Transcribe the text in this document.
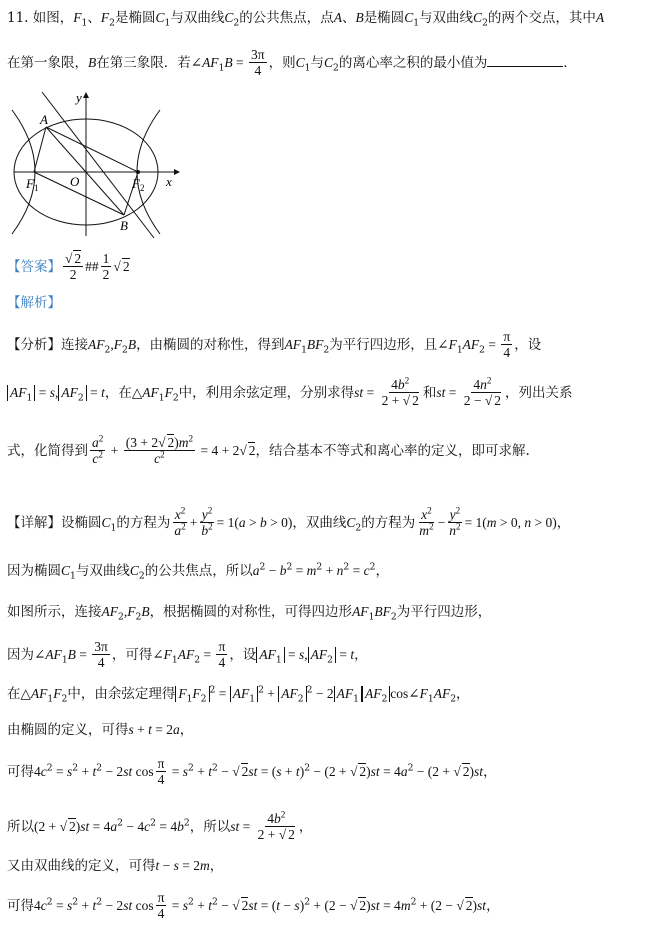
11. 如图，$F_1$、$F_2$是椭圆$C_1$与双曲线$C_2$的公共焦点，点A、B是椭圆$C_1$与双曲线$C_2$的两个交点，其中A
在第一象限，B在第三象限．若$\angle AF_1B = \frac{3\pi}{4}$ ，则$C_1$与$C_2$的离心率之积的最小值为	．
y
x
A
B
O
$F_1$	$F_2$
【答案】 $\frac{√ 2}{2}$ ## $\frac{1}{2}$ √ 2
【解析】
【分析】连接$AF_2,F_2B$，由椭圆的对称性，得到$AF_1BF_2$为平行四边形，且$\angle F_1AF_2 = \frac{\pi}{4}$ ，设
$AF_1 = s$, $AF_2 = t$，在$\triangle AF_1F_2$中，利用余弦定理，分别求得st = $\frac{4b^2}{2 + √ 2}$ 和st = $\frac{4n^2}{2 - √ 2}$ ，列出关系
式，化简得到 $\frac{a^2}{c^2} + \frac{(3 + 2√ 2)m^2}{c^2} = 4 + 2√$ 2，结合基本不等式和离心率的定义，即可求解.
【详解】设椭圆$C_1$的方程为 $\frac{x^2}{a^2} + \frac{y^2}{b^2} = 1(a > b > 0)$，双曲线$C_2$的方程为 $\frac{x^2}{m^2} - \frac{y^2}{n^2} = 1(m > 0$, n > 0)，
因为椭圆$C_1$与双曲线$C_2$的公共焦点，所以$a^2 - b^2 = m^2 + n^2 = c^2$，
如图所示，连接$AF_2,F_2B$，根据椭圆的对称性，可得四边形$AF_1BF_2$为平行四边形，
因为$\angle AF_1B = \frac{3\pi}{4}$ ，可得$\angle F_1AF_2 = \frac{\pi}{4}$ ，设 $AF_1 = s$, $AF_2 = t$，
在$\triangle AF_1F_2$中，由余弦定理得 $F_1F_2^2 = AF_1^2 + AF_2^2 - 2$ $AF_1$ $AF_2$ $\cos\angle F_1AF_2$，
由椭圆的定义，可得s + t = 2a，
可得$4c^2 = s^2 + t^2 - 2st$ $\cos \frac{\pi}{4} = s^2 + t^2$ − √ $2st = (s + t)^2 - (2$ + √ $2)st = 4a^2 - (2$ + √ 2)st，
所以(2 + √ $2)st = 4a^2 - 4c^2 = 4b^2$，所以st = $\frac{4b^2}{2 + √ 2}$ ，
又由双曲线的定义，可得t − s = 2m，
可得$4c^2 = s^2 + t^2 - 2st$ $\cos \frac{\pi}{4} = s^2 + t^2$ − √ $2st = (t - s)^2 + (2$ − √ $2)st = 4m^2 + (2$ − √ 2)st，
